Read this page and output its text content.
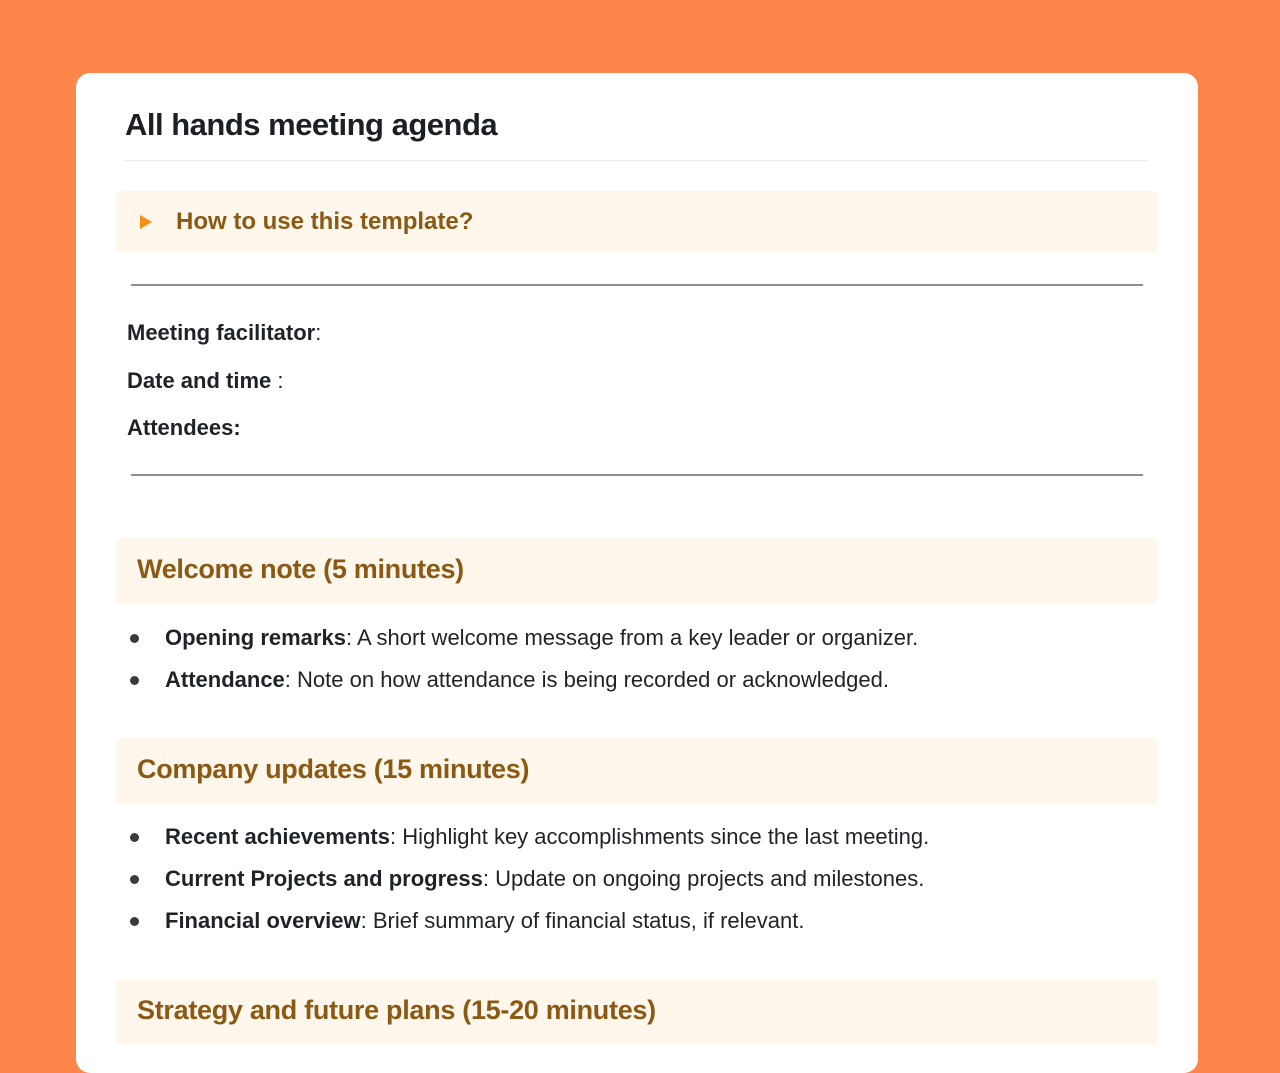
All hands meeting agenda
How to use this template?
Meeting facilitator:
Date and time :
Attendees:
Welcome note (5 minutes)
Opening remarks: A short welcome message from a key leader or organizer.
Attendance: Note on how attendance is being recorded or acknowledged.
Company updates (15 minutes)
Recent achievements: Highlight key accomplishments since the last meeting.
Current Projects and progress: Update on ongoing projects and milestones.
Financial overview: Brief summary of financial status, if relevant.
Strategy and future plans (15-20 minutes)
